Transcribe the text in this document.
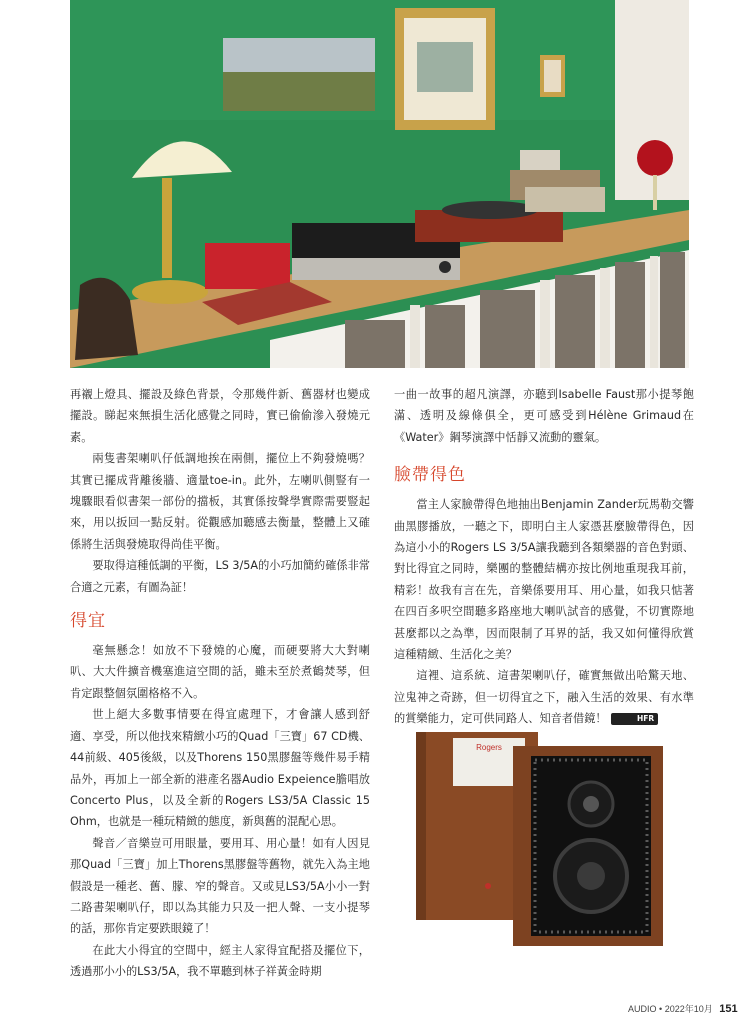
再襯上燈具、擺設及綠色背景，令那幾件新、舊器材也變成擺設。睇起來無損生活化感覺之同時，實已偷偷滲入發燒元素。

兩隻書架喇叭仔低調地挨在兩側，擺位上不夠發燒嗎？其實已擺成背離後牆、適量toe-in。此外，左喇叭側豎有一塊驟眼看似書架一部份的擋板，其實係按聲學實際需要豎起來，用以扳回一點反射。從觀感加聽感去衡量，整體上又確係將生活與發燒取得尚佳平衡。

要取得這種低調的平衡，LS 3/5A的小巧加簡約確係非常合適之元素，有圖為証！

得宜

毫無懸念！如放不下發燒的心魔，而硬要將大大對喇叭、大大件擴音機塞進這空間的話，雖未至於煮鶴焚琴，但肯定跟整個氛圍格格不入。

世上絕大多數事情要在得宜處理下，才會讓人感到舒適、享受，所以他找來精緻小巧的Quad「三寶」67 CD機、44前級、405後級，以及Thorens 150黑膠盤等幾件易手精品外，再加上一部全新的港產名器Audio Expeience膽唱放Concerto Plus，以及全新的Rogers LS3/5A Classic 15 Ohm，也就是一種玩精緻的態度，新與舊的混配心思。

聲音／音樂豈可用眼量，要用耳、用心量！如有人因見那Quad「三寶」加上Thorens黑膠盤等舊物，就先入為主地假設是一種老、舊、朦、窄的聲音。又或見LS3/5A小小一對二路書架喇叭仔，即以為其能力只及一把人聲、一支小提琴的話，那你肯定要跌眼鏡了！

在此大小得宜的空間中，經主人家得宜配搭及擺位下，透過那小小的LS3/5A，我不單聽到林子祥黃金時期

一曲一故事的超凡演譯，亦聽到Isabelle Faust那小提琴飽滿、透明及線條俱全，更可感受到Hélène Grimaud在《Water》鋼琴演譯中恬靜又流動的靈氣。

臉帶得色

當主人家臉帶得色地抽出Benjamin Zander玩馬勒交響曲黑膠播放，一聽之下，即明白主人家憑甚麼臉帶得色，因為這小小的Rogers LS 3/5A讓我聽到各類樂器的音色對頭、對比得宜之同時，樂團的整體結構亦按比例地重現我耳前，精彩！故我有言在先，音樂係要用耳、用心量，如我只惦著在四百多呎空間聽多路座地大喇叭試音的感覺，不切實際地甚麼都以之為準，因而限制了耳界的話，我又如何懂得欣賞這種精緻、生活化之美？

這裡、這系統、這書架喇叭仔，確實無做出哈驚天地、泣鬼神之奇跡，但一切得宜之下，融入生活的效果、有水準的賞樂能力，定可供同路人、知音者借鏡！	HFR

Rogers
AUDIO • 2022年10月 151
